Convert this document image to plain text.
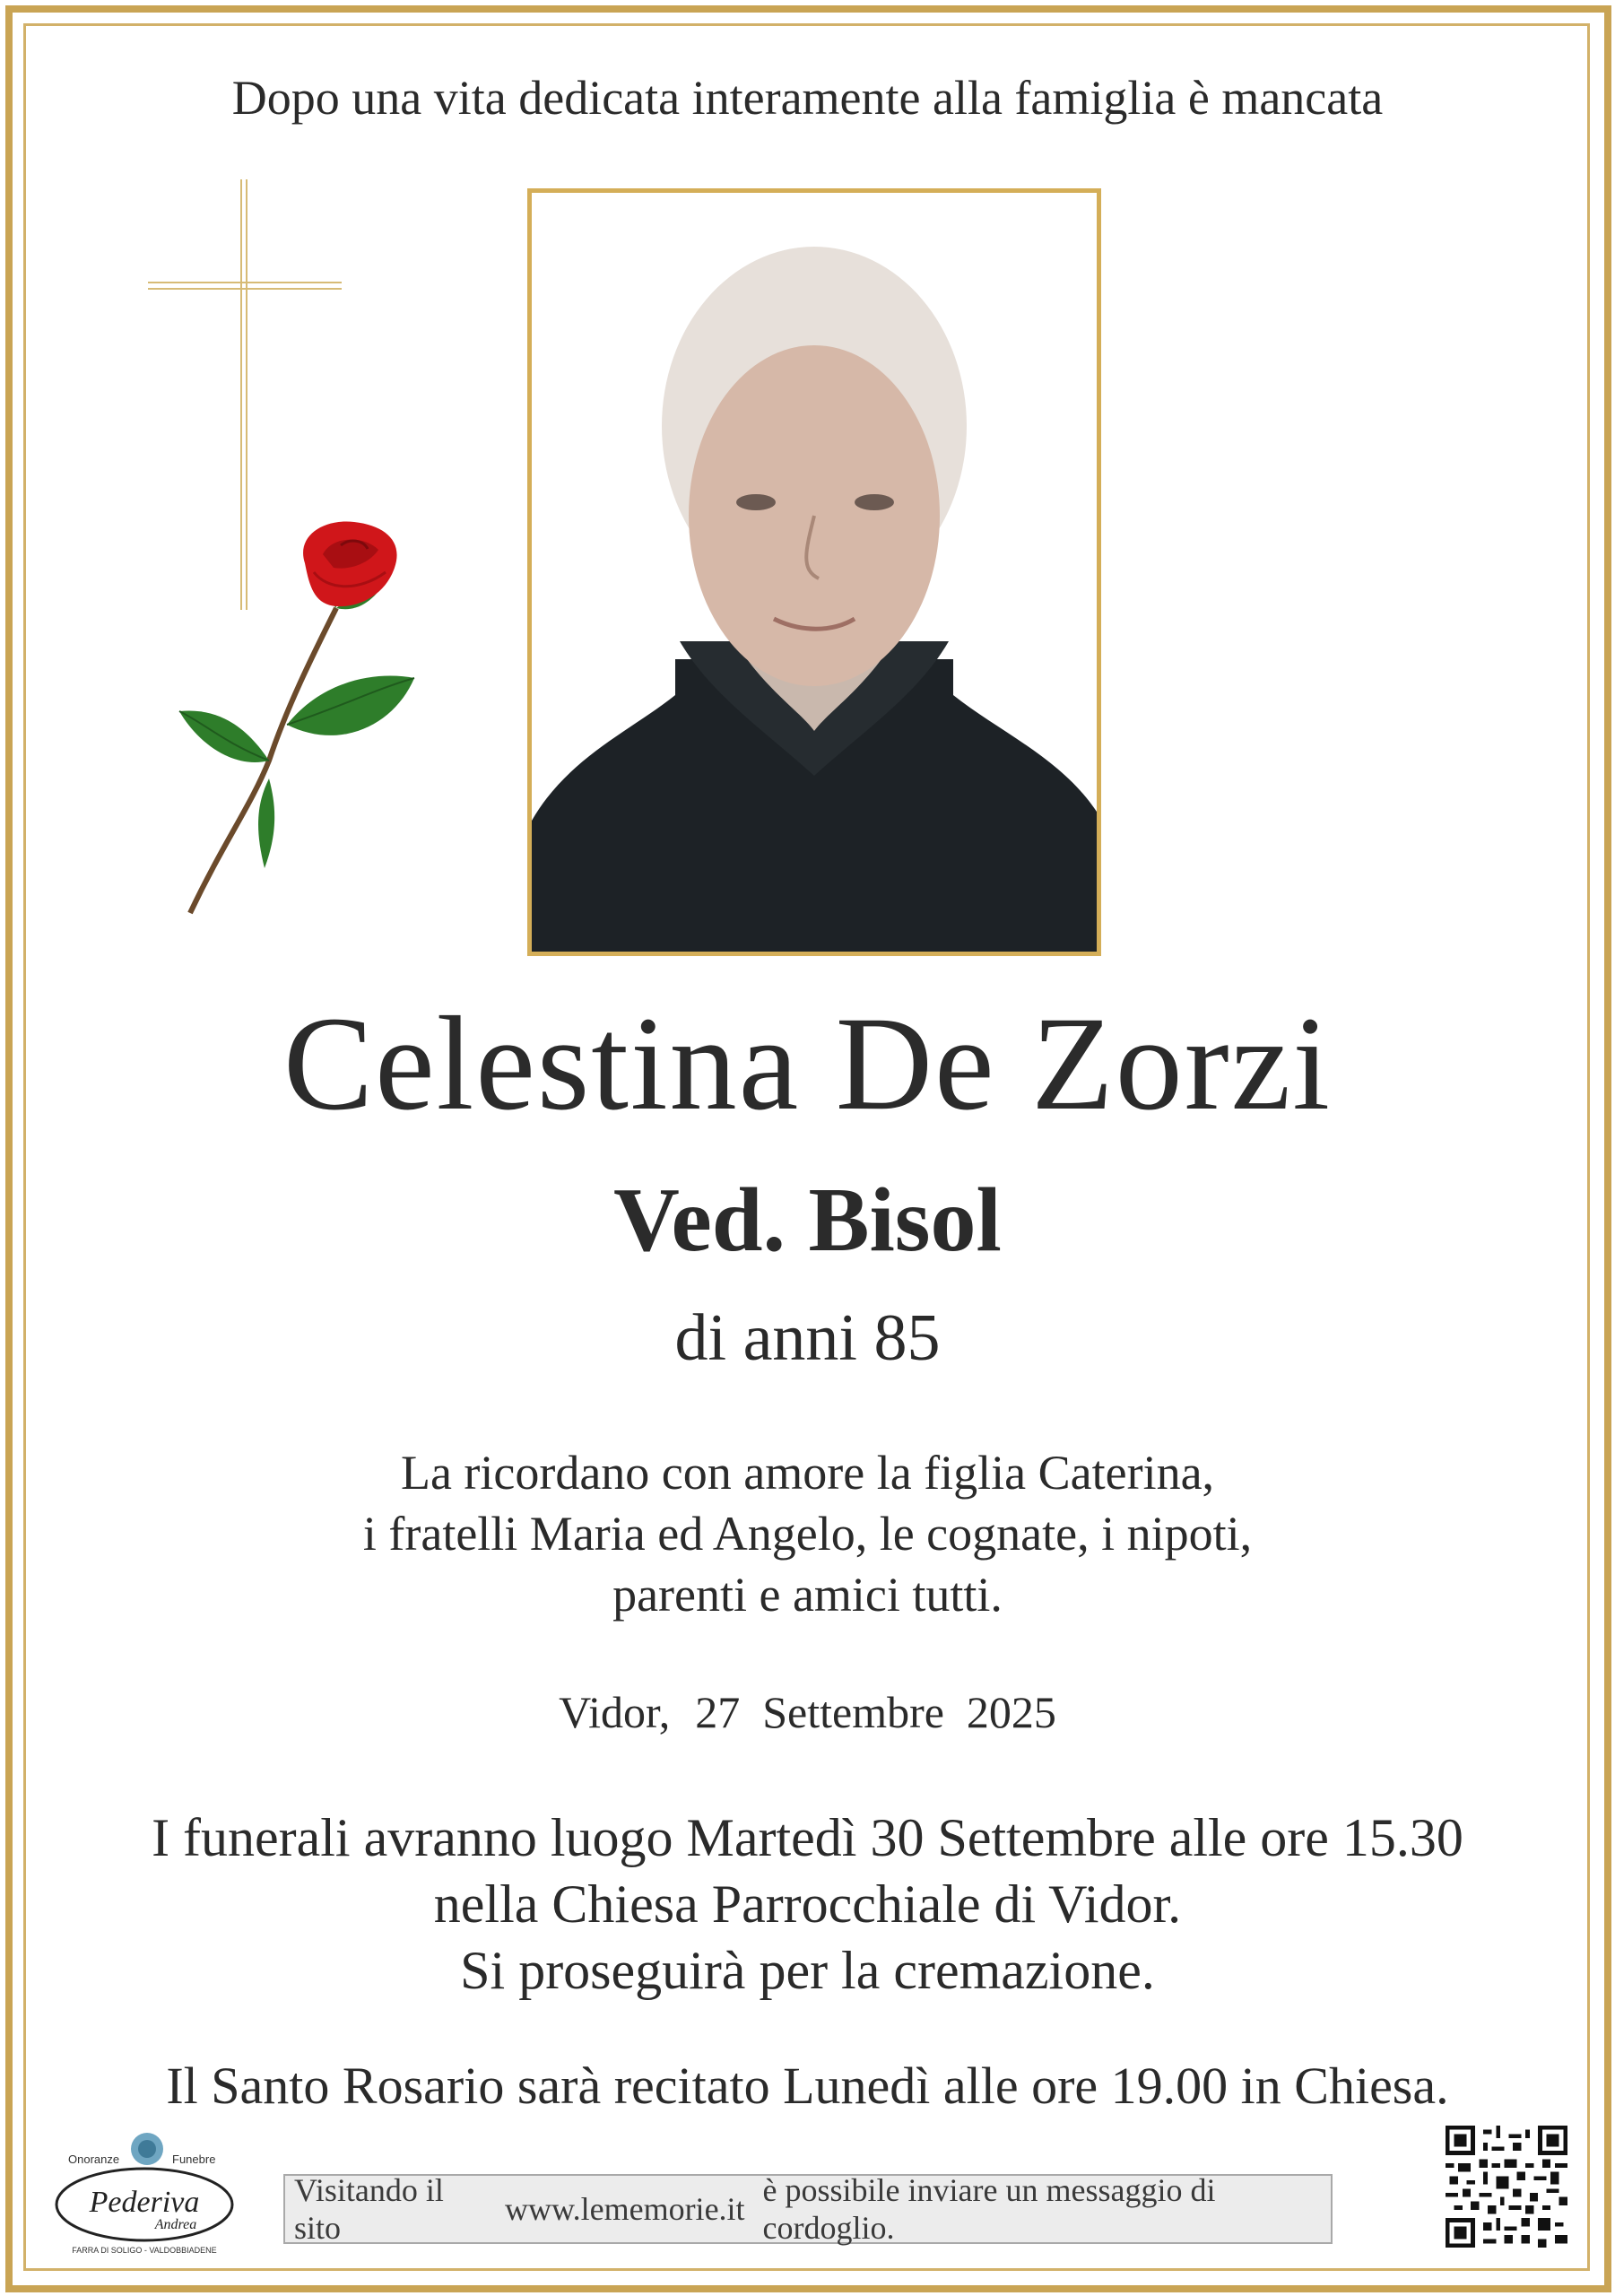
Dopo una vita dedicata interamente alla famiglia è mancata
Celestina De Zorzi
Ved. Bisol
di anni 85
La ricordano con amore la figlia Caterina,
i fratelli Maria ed Angelo, le cognate, i nipoti,
parenti e amici tutti.
Vidor, 27  Settembre  2025
I funerali avranno luogo Martedì 30 Settembre alle ore 15.30
nella Chiesa Parrocchiale di Vidor.
Si proseguirà per la cremazione.
Il Santo Rosario sarà recitato Lunedì alle ore 19.00 in Chiesa.
Onoranze	Funebre
Pederiva
Andrea
FARRA DI SOLIGO - VALDOBBIADENE
Visitando il sito
www.lememorie.it
è possibile inviare un messaggio di cordoglio.
